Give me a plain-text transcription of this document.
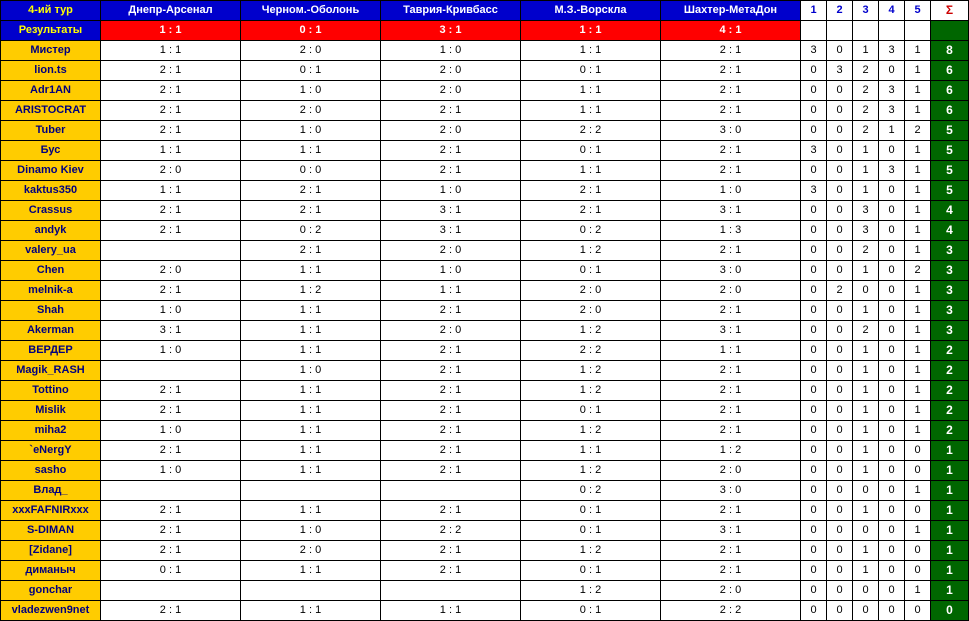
4-ий тур	Днепр-Арсенал	Черном.-Оболонь	Таврия-Кривбасс	М.З.-Ворскла	Шахтер-МетаДон	1	2	3	4	5	Σ
Результаты	1 : 1	0 : 1	3 : 1	1 : 1	4 : 1						
Мистер	1 : 1	2 : 0	1 : 0	1 : 1	2 : 1	3	0	1	3	1	8
lion.ts	2 : 1	0 : 1	2 : 0	0 : 1	2 : 1	0	3	2	0	1	6
Adr1AN	2 : 1	1 : 0	2 : 0	1 : 1	2 : 1	0	0	2	3	1	6
ARISTOCRAT	2 : 1	2 : 0	2 : 1	1 : 1	2 : 1	0	0	2	3	1	6
Tuber	2 : 1	1 : 0	2 : 0	2 : 2	3 : 0	0	0	2	1	2	5
Бус	1 : 1	1 : 1	2 : 1	0 : 1	2 : 1	3	0	1	0	1	5
Dinamo Kiev	2 : 0	0 : 0	2 : 1	1 : 1	2 : 1	0	0	1	3	1	5
kaktus350	1 : 1	2 : 1	1 : 0	2 : 1	1 : 0	3	0	1	0	1	5
Crassus	2 : 1	2 : 1	3 : 1	2 : 1	3 : 1	0	0	3	0	1	4
andyk	2 : 1	0 : 2	3 : 1	0 : 2	1 : 3	0	0	3	0	1	4
valery_ua		2 : 1	2 : 0	1 : 2	2 : 1	0	0	2	0	1	3
Chen	2 : 0	1 : 1	1 : 0	0 : 1	3 : 0	0	0	1	0	2	3
melnik-a	2 : 1	1 : 2	1 : 1	2 : 0	2 : 0	0	2	0	0	1	3
Shah	1 : 0	1 : 1	2 : 1	2 : 0	2 : 1	0	0	1	0	1	3
Akerman	3 : 1	1 : 1	2 : 0	1 : 2	3 : 1	0	0	2	0	1	3
ВЕРДЕР	1 : 0	1 : 1	2 : 1	2 : 2	1 : 1	0	0	1	0	1	2
Magik_RASH		1 : 0	2 : 1	1 : 2	2 : 1	0	0	1	0	1	2
Tottino	2 : 1	1 : 1	2 : 1	1 : 2	2 : 1	0	0	1	0	1	2
Mislik	2 : 1	1 : 1	2 : 1	0 : 1	2 : 1	0	0	1	0	1	2
miha2	1 : 0	1 : 1	2 : 1	1 : 2	2 : 1	0	0	1	0	1	2
`eNergY	2 : 1	1 : 1	2 : 1	1 : 1	1 : 2	0	0	1	0	0	1
sasho	1 : 0	1 : 1	2 : 1	1 : 2	2 : 0	0	0	1	0	0	1
Влад_				0 : 2	3 : 0	0	0	0	0	1	1
xxxFAFNIRxxx	2 : 1	1 : 1	2 : 1	0 : 1	2 : 1	0	0	1	0	0	1
S-DIMAN	2 : 1	1 : 0	2 : 2	0 : 1	3 : 1	0	0	0	0	1	1
[Zidane]	2 : 1	2 : 0	2 : 1	1 : 2	2 : 1	0	0	1	0	0	1
диманыч	0 : 1	1 : 1	2 : 1	0 : 1	2 : 1	0	0	1	0	0	1
gonchar				1 : 2	2 : 0	0	0	0	0	1	1
vladezwen9net	2 : 1	1 : 1	1 : 1	0 : 1	2 : 2	0	0	0	0	0	0
